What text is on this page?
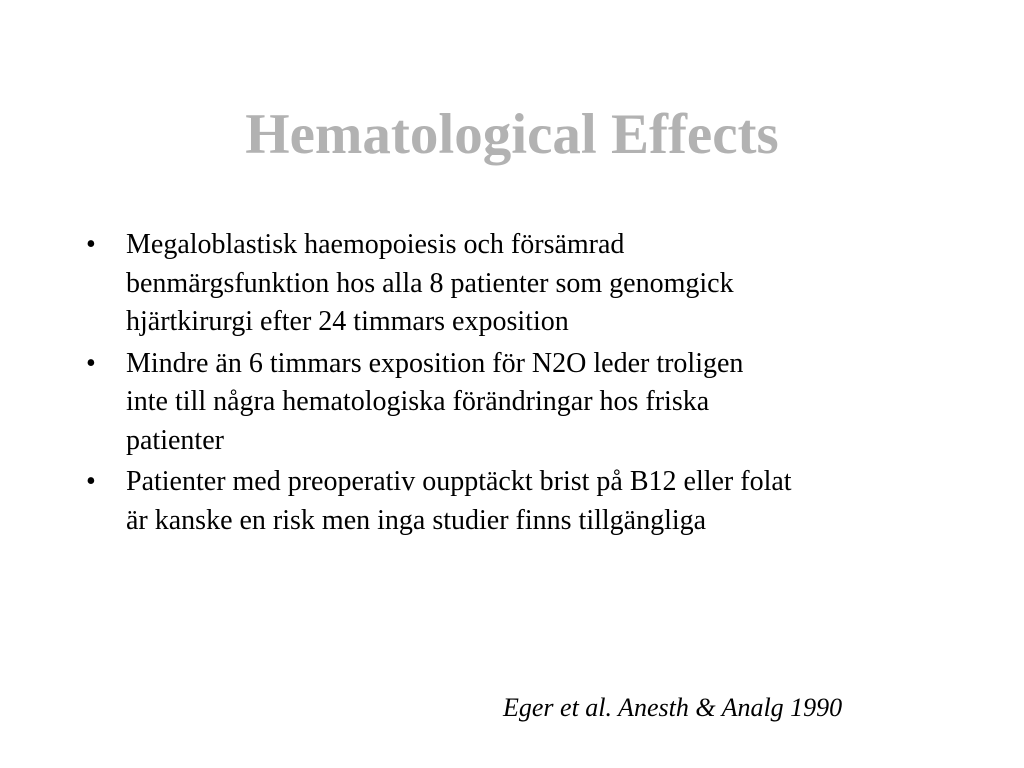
Hematological Effects
• Megaloblastisk haemopoiesis och försämrad
benmärgsfunktion hos alla 8 patienter som genomgick
hjärtkirurgi efter 24 timmars exposition
• Mindre än 6 timmars exposition för N2O leder troligen
inte till några hematologiska förändringar hos friska
patienter
• Patienter med preoperativ oupptäckt brist på B12 eller folat
är kanske en risk men inga studier finns tillgängliga
Eger et al. Anesth & Analg 1990
